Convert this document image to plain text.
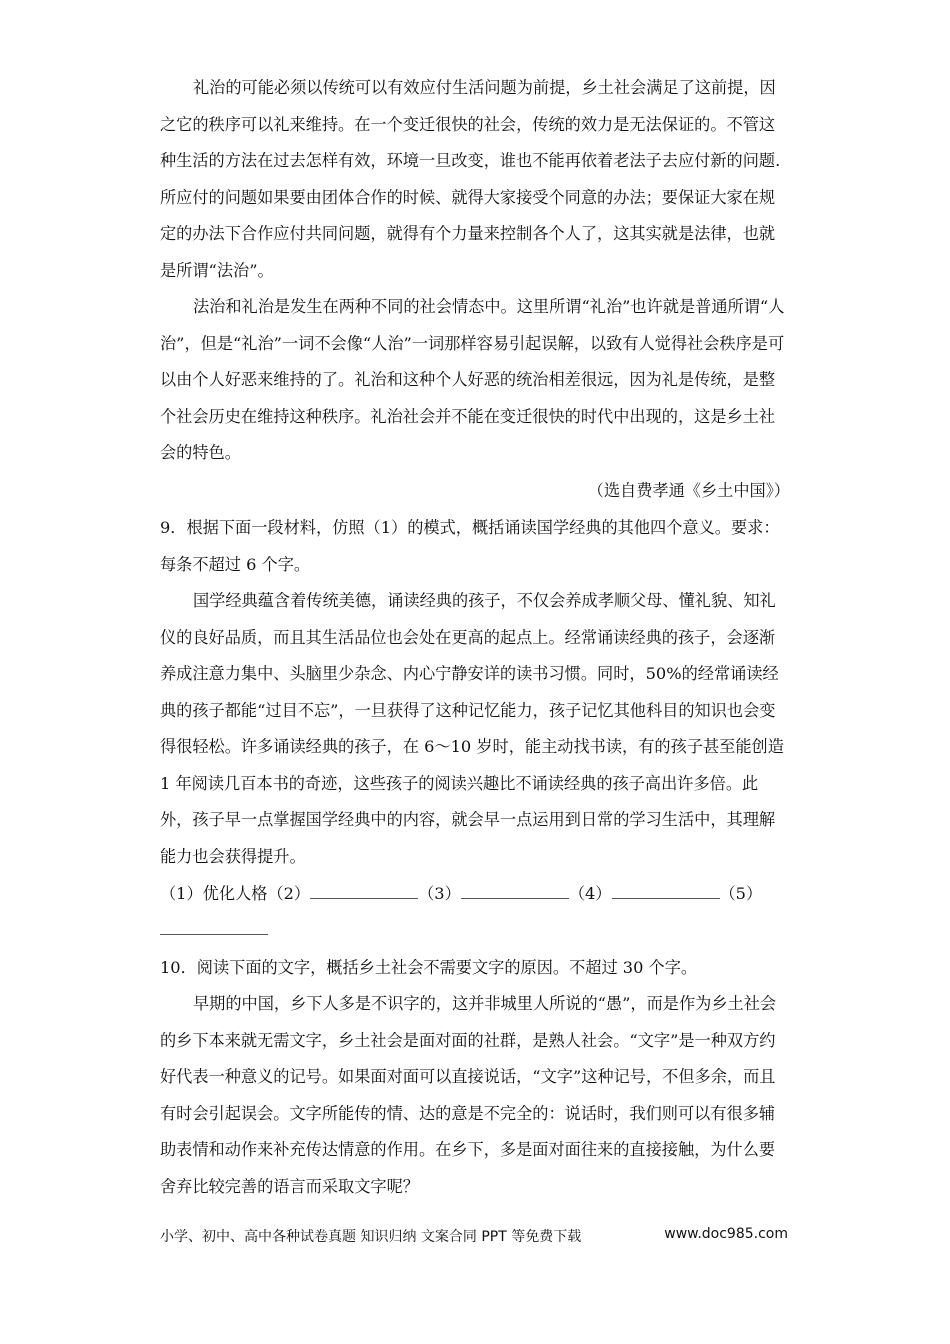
礼治的可能必须以传统可以有效应付生活问题为前提，乡土社会满足了这前提，因之它的秩序可以礼来维持。在一个变迁很快的社会，传统的效力是无法保证的。不管这种生活的方法在过去怎样有效，环境一旦改变，谁也不能再依着老法子去应付新的问题.所应付的问题如果要由团体合作的时候、就得大家接受个同意的办法；要保证大家在规定的办法下合作应付共同问题，就得有个力量来控制各个人了，这其实就是法律，也就是所谓“法治”。
法治和礼治是发生在两种不同的社会情态中。这里所谓“礼治”也许就是普通所谓“人治”，但是“礼治”一词不会像“人治”一词那样容易引起误解，以致有人觉得社会秩序是可以由个人好恶来维持的了。礼治和这种个人好恶的统治相差很远，因为礼是传统，是整个社会历史在维持这种秩序。礼治社会并不能在变迁很快的时代中出现的，这是乡土社会的特色。
（选自费孝通《乡土中国》）
9．根据下面一段材料，仿照（1）的模式，概括诵读国学经典的其他四个意义。要求：每条不超过 6 个字。
国学经典蕴含着传统美德，诵读经典的孩子，不仅会养成孝顺父母、懂礼貌、知礼仪的良好品质，而且其生活品位也会处在更高的起点上。经常诵读经典的孩子，会逐渐养成注意力集中、头脑里少杂念、内心宁静安详的读书习惯。同时，50%的经常诵读经典的孩子都能“过目不忘”，一旦获得了这种记忆能力，孩子记忆其他科目的知识也会变得很轻松。许多诵读经典的孩子，在 6～10 岁时，能主动找书读，有的孩子甚至能创造 1 年阅读几百本书的奇迹，这些孩子的阅读兴趣比不诵读经典的孩子高出许多倍。此外，孩子早一点掌握国学经典中的内容，就会早一点运用到日常的学习生活中，其理解能力也会获得提升。
（1）优化人格（2）	（3）	（4）	（5）
10．阅读下面的文字，概括乡土社会不需要文字的原因。不超过 30 个字。
早期的中国，乡下人多是不识字的，这并非城里人所说的“愚”，而是作为乡土社会的乡下本来就无需文字，乡土社会是面对面的社群，是熟人社会。“文字”是一种双方约好代表一种意义的记号。如果面对面可以直接说话，“文字”这种记号，不但多余，而且有时会引起误会。文字所能传的情、达的意是不完全的：说话时，我们则可以有很多辅助表情和动作来补充传达情意的作用。在乡下，多是面对面往来的直接接触，为什么要舍弃比较完善的语言而采取文字呢？
小学、初中、高中各种试卷真题 知识归纳 文案合同 PPT 等免费下载	www.doc985.com
